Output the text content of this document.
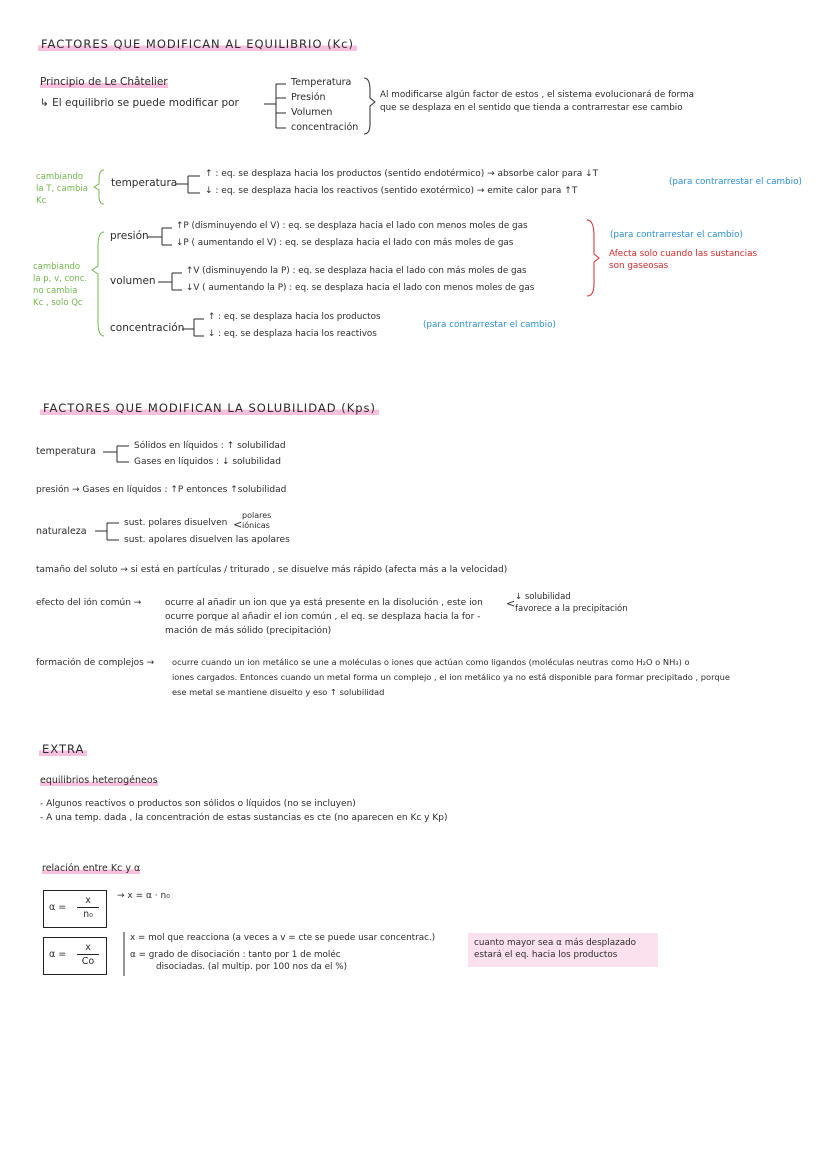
FACTORES QUE MODIFICAN AL EQUILIBRIO (Kc)
Principio de Le Châtelier
↳ El equilibrio se puede modificar por
Temperatura
Presión
Volumen
concentración
Al modificarse algún factor de estos , el sistema evolucionará de forma
que se desplaza en el sentido que tienda a contrarrestar ese cambio
cambiando
la T, cambia
Kc
temperatura
↑ : eq. se desplaza hacia los productos (sentido endotérmico) → absorbe calor para ↓T
↓ : eq. se desplaza hacia los reactivos (sentido exotérmico) → emite calor para ↑T
(para contrarrestar el cambio)
cambiando
la p, v, conc.
no cambia
Kc , solo Qc
presión
↑P (disminuyendo el V) : eq. se desplaza hacia el lado con menos moles de gas
↓P ( aumentando el V) : eq. se desplaza hacia el lado con más moles de gas
volumen
↑V (disminuyendo la P) : eq. se desplaza hacia el lado con más moles de gas
↓V ( aumentando la P) : eq. se desplaza hacia el lado con menos moles de gas
(para contrarrestar el cambio)
Afecta solo cuando las sustancias
son gaseosas
concentración
↑ : eq. se desplaza hacia los productos
↓ : eq. se desplaza hacia los reactivos
(para contrarrestar el cambio)
FACTORES QUE MODIFICAN LA SOLUBILIDAD (Kps)
temperatura	Sólidos en líquidos : ↑ solubilidad
Gases en líquidos : ↓ solubilidad
presión → Gases en líquidos : ↑P entonces ↑solubilidad
naturaleza
sust. polares disuelven <
polares
iónicas
sust. apolares disuelven las apolares
tamaño del soluto → si está en partículas / triturado , se disuelve más rápido (afecta más a la velocidad)
efecto del ión común →	ocurre al añadir un ion que ya está presente en la disolución , este ion
ocurre porque al añadir el ion común , el eq. se desplaza hacia la for -
mación de más sólido (precipitación)
< ↓ solubilidad
favorece a la precipitación
formación de complejos → ocurre cuando un ion metálico se une a moléculas o iones que actúan como ligandos (moléculas neutras como H₂O o NH₃) o
iones cargados. Entonces cuando un metal forma un complejo , el ion metálico ya no está disponible para formar precipitado , porque
ese metal se mantiene disuelto y eso ↑ solubilidad
EXTRA
equilibrios heterogéneos
- Algunos reactivos o productos son sólidos o líquidos (no se incluyen)
- A una temp. dada , la concentración de estas sustancias es cte (no aparecen en Kc y Kp)
relación entre Kc y α
$\alpha = \frac{x}{\text{n₀}} \to x = \alpha \cdot n_0$
$\alpha = \frac{x}{Co}$
x = mol que reacciona (a veces a v = cte se puede usar concentrac.)
α = grado de disociación : tanto por 1 de moléc
disociadas. (al multip. por 100 nos da el %)
cuanto mayor sea α más desplazado
estará el eq. hacia los productos
